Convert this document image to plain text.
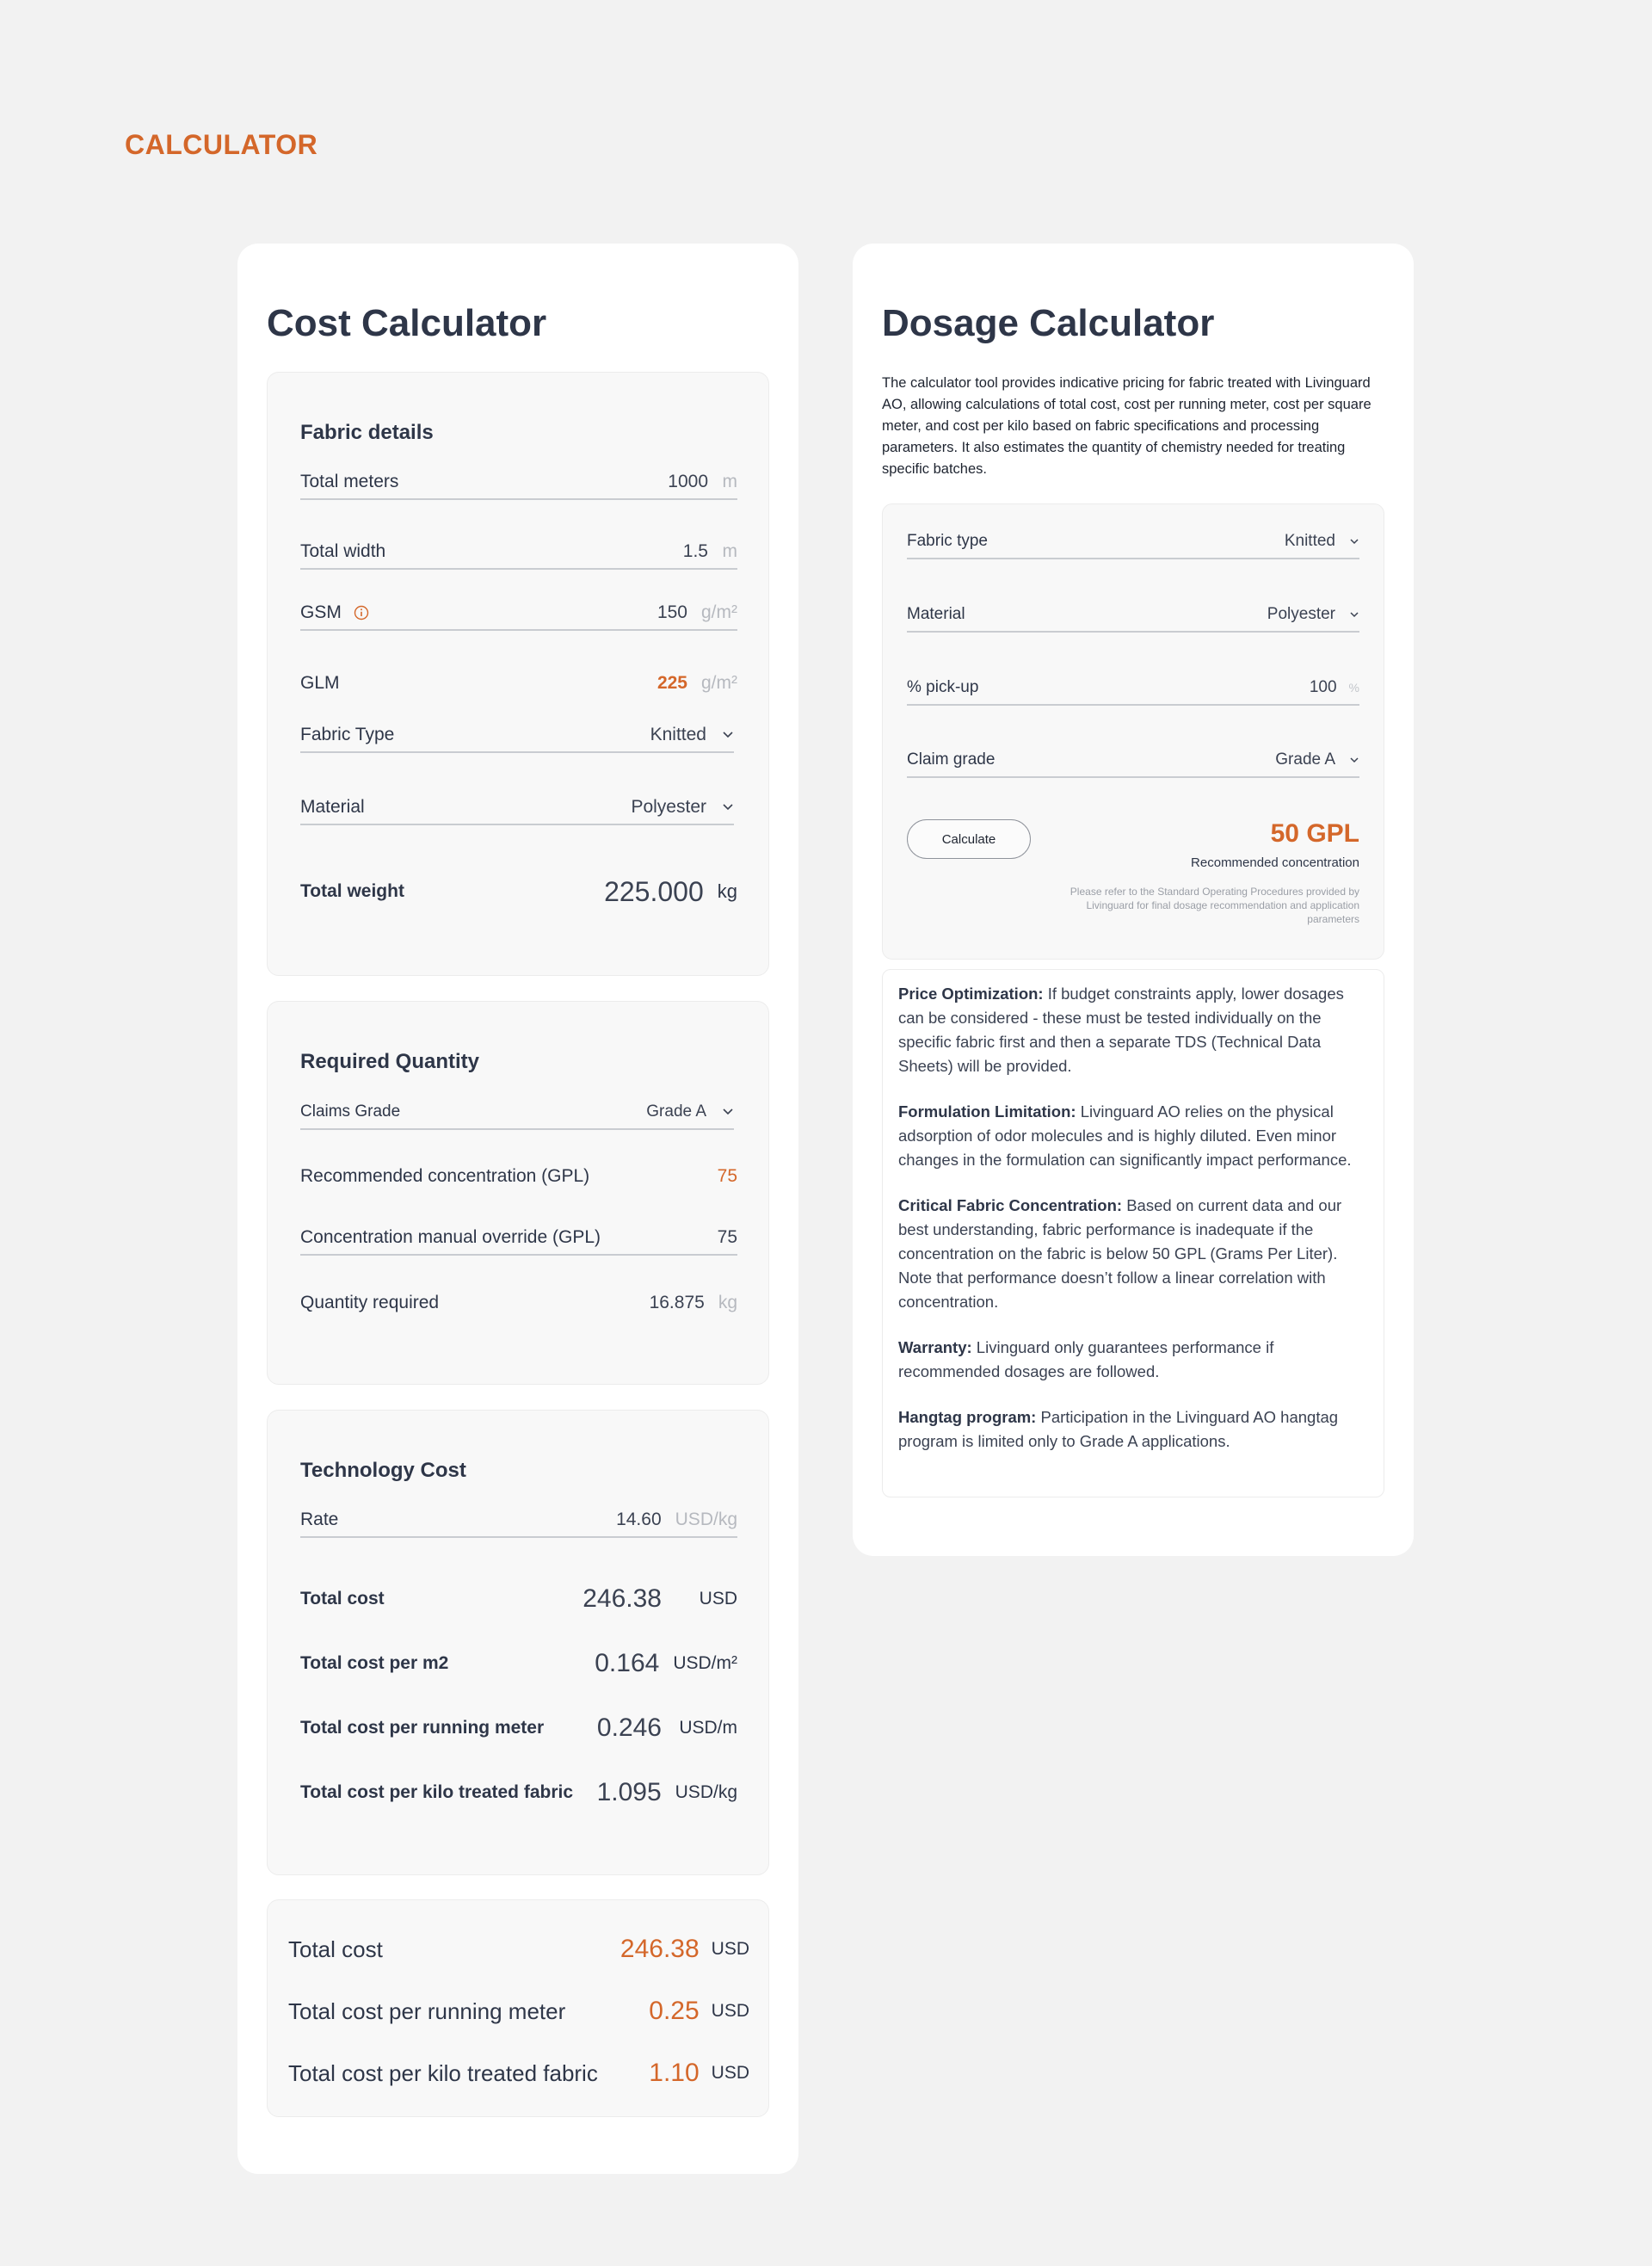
CALCULATOR
Cost Calculator
Fabric details
Total meters	1000 m
Total width	1.5 m
GSM	150 g/m²
GLM	225 g/m²
Fabric Type	Knitted
Material	Polyester
Total weight	225.000 kg
Required Quantity
Claims Grade	Grade A
Recommended concentration (GPL)	75
Concentration manual override (GPL)	75
Quantity required	16.875 kg
Technology Cost
Rate	14.60 USD/kg
Total cost	246.38	USD
Total cost per m2	0.164 USD/m²
Total cost per running meter	0.246 USD/m
Total cost per kilo treated fabric 1.095 USD/kg
Total cost	246.38 USD
Total cost per running meter	0.25 USD
Total cost per kilo treated fabric	1.10 USD
Dosage Calculator
The calculator tool provides indicative pricing for fabric treated with Livinguard AO, allowing calculations of total cost, cost per running meter, cost per square meter, and cost per kilo based on fabric specifications and processing parameters. It also estimates the quantity of chemistry needed for treating specific batches.
Fabric type	Knitted
Material	Polyester
% pick-up	100 %
Claim grade	Grade A
Calculate	50 GPL
Recommended concentration
Please refer to the Standard Operating Procedures provided by Livinguard for final dosage recommendation and application parameters

Price Optimization: If budget constraints apply, lower dosages can be considered - these must be tested individually on the specific fabric first and then a separate TDS (Technical Data Sheets) will be provided.

Formulation Limitation: Livinguard AO relies on the physical adsorption of odor molecules and is highly diluted. Even minor changes in the formulation can significantly impact performance.

Critical Fabric Concentration: Based on current data and our best understanding, fabric performance is inadequate if the concentration on the fabric is below 50 GPL (Grams Per Liter). Note that performance doesn’t follow a linear correlation with concentration.

Warranty: Livinguard only guarantees performance if recommended dosages are followed.

Hangtag program: Participation in the Livinguard AO hangtag program is limited only to Grade A applications.
